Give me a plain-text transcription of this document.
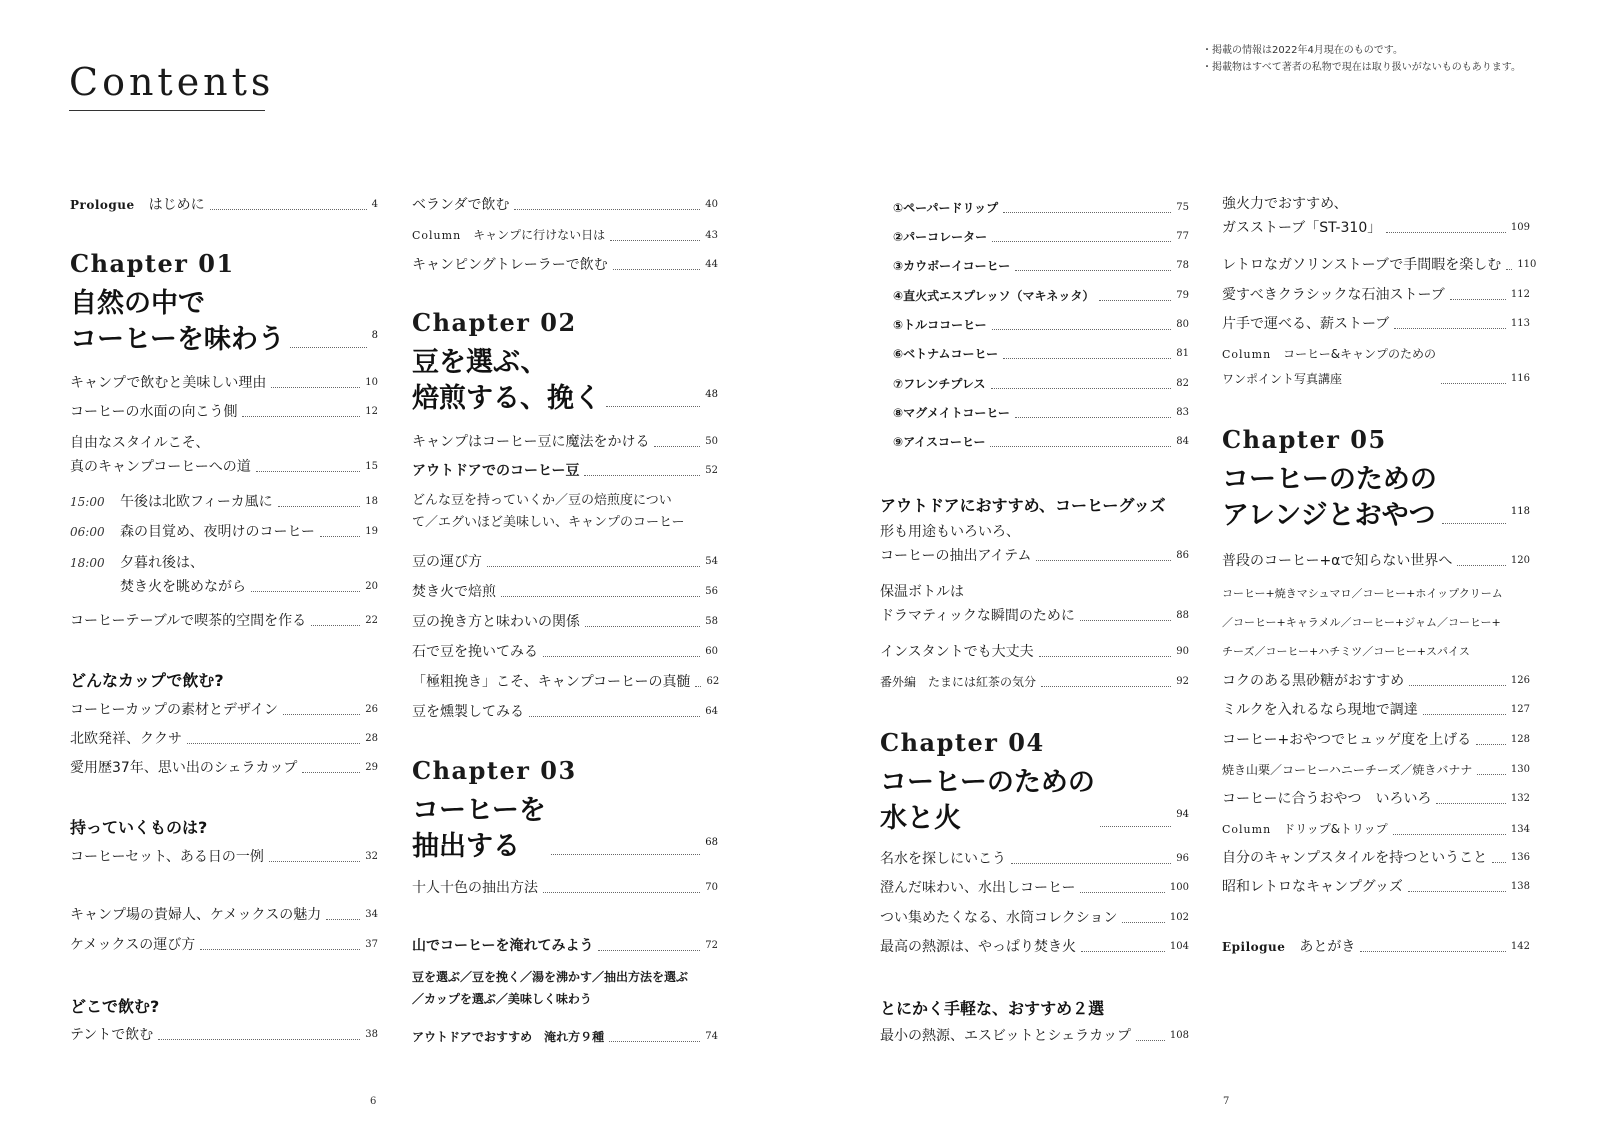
Contents
・掲載の情報は2022年4月現在のものです。
・掲載物はすべて著者の私物で現在は取り扱いがないものもあります。
Prologue はじめに	4
Chapter 01
自然の中で
コーヒーを味わう	8
キャンプで飲むと美味しい理由	10
コーヒーの水面の向こう側	12
自由なスタイルこそ、
真のキャンプコーヒーへの道	15
15:00 午後は北欧フィーカ風に	18
06:00 森の目覚め、夜明けのコーヒー	19
18:00	夕暮れ後は、
焚き火を眺めながら	20
コーヒーテーブルで喫茶的空間を作る	22
どんなカップで飲む?
コーヒーカップの素材とデザイン	26
北欧発祥、ククサ	28
愛用歴37年、思い出のシェラカップ	29
持っていくものは?
コーヒーセット、ある日の一例	32
キャンプ場の貴婦人、ケメックスの魅力	34
ケメックスの運び方	37
どこで飲む?
テントで飲む	38
ベランダで飲む	40
Column キャンプに行けない日は	43
キャンピングトレーラーで飲む	44
Chapter 02
豆を選ぶ、
焙煎する、挽く	48
キャンプはコーヒー豆に魔法をかける	50
アウトドアでのコーヒー豆	52
どんな豆を持っていくか／豆の焙煎度につい
て／エグいほど美味しい、キャンプのコーヒー
豆の運び方	54
焚き火で焙煎	56
豆の挽き方と味わいの関係	58
石で豆を挽いてみる	60
「極粗挽き」こそ、キャンプコーヒーの真髄 62
豆を燻製してみる	64
Chapter 03
コーヒーを
抽出する	68
十人十色の抽出方法	70
山でコーヒーを淹れてみよう	72
豆を選ぶ／豆を挽く／湯を沸かす／抽出方法を選ぶ
／カップを選ぶ／美味しく味わう
アウトドアでおすすめ　淹れ方９種	74
6
①ペーパードリップ	75
②パーコレーター	77
③カウボーイコーヒー	78
④直火式エスプレッソ（マキネッタ）	79
⑤トルココーヒー	80
⑥ベトナムコーヒー	81
⑦フレンチプレス	82
⑧マグメイトコーヒー	83
⑨アイスコーヒー	84
アウトドアにおすすめ、コーヒーグッズ
形も用途もいろいろ、
コーヒーの抽出アイテム	86
保温ボトルは
ドラマティックな瞬間のために	88
インスタントでも大丈夫	90
番外編　たまには紅茶の気分	92
Chapter 04
コーヒーのための
水と火	94
名水を探しにいこう	96
澄んだ味わい、水出しコーヒー	100
つい集めたくなる、水筒コレクション	102
最高の熱源は、やっぱり焚き火	104
とにかく手軽な、おすすめ２選
最小の熱源、エスビットとシェラカップ	108
強火力でおすすめ、
ガスストーブ「ST-310」	109
レトロなガソリンストーブで手間暇を楽しむ 110
愛すべきクラシックな石油ストーブ	112
片手で運べる、薪ストーブ	113
Column コーヒー&キャンプのための
ワンポイント写真講座	116
Chapter 05
コーヒーのための
アレンジとおやつ	118
普段のコーヒー+αで知らない世界へ	120
コーヒー+焼きマシュマロ／コーヒー+ホイップクリーム
／コーヒー+キャラメル／コーヒー+ジャム／コーヒー+
チーズ／コーヒー+ハチミツ／コーヒー+スパイス
コクのある黒砂糖がおすすめ	126
ミルクを入れるなら現地で調達	127
コーヒー+おやつでヒュッゲ度を上げる	128
焼き山栗／コーヒーハニーチーズ／焼きバナナ	130
コーヒーに合うおやつ　いろいろ	132
Column ドリップ&トリップ	134
自分のキャンプスタイルを持つということ 136
昭和レトロなキャンプグッズ	138
Epilogue あとがき	142
7
